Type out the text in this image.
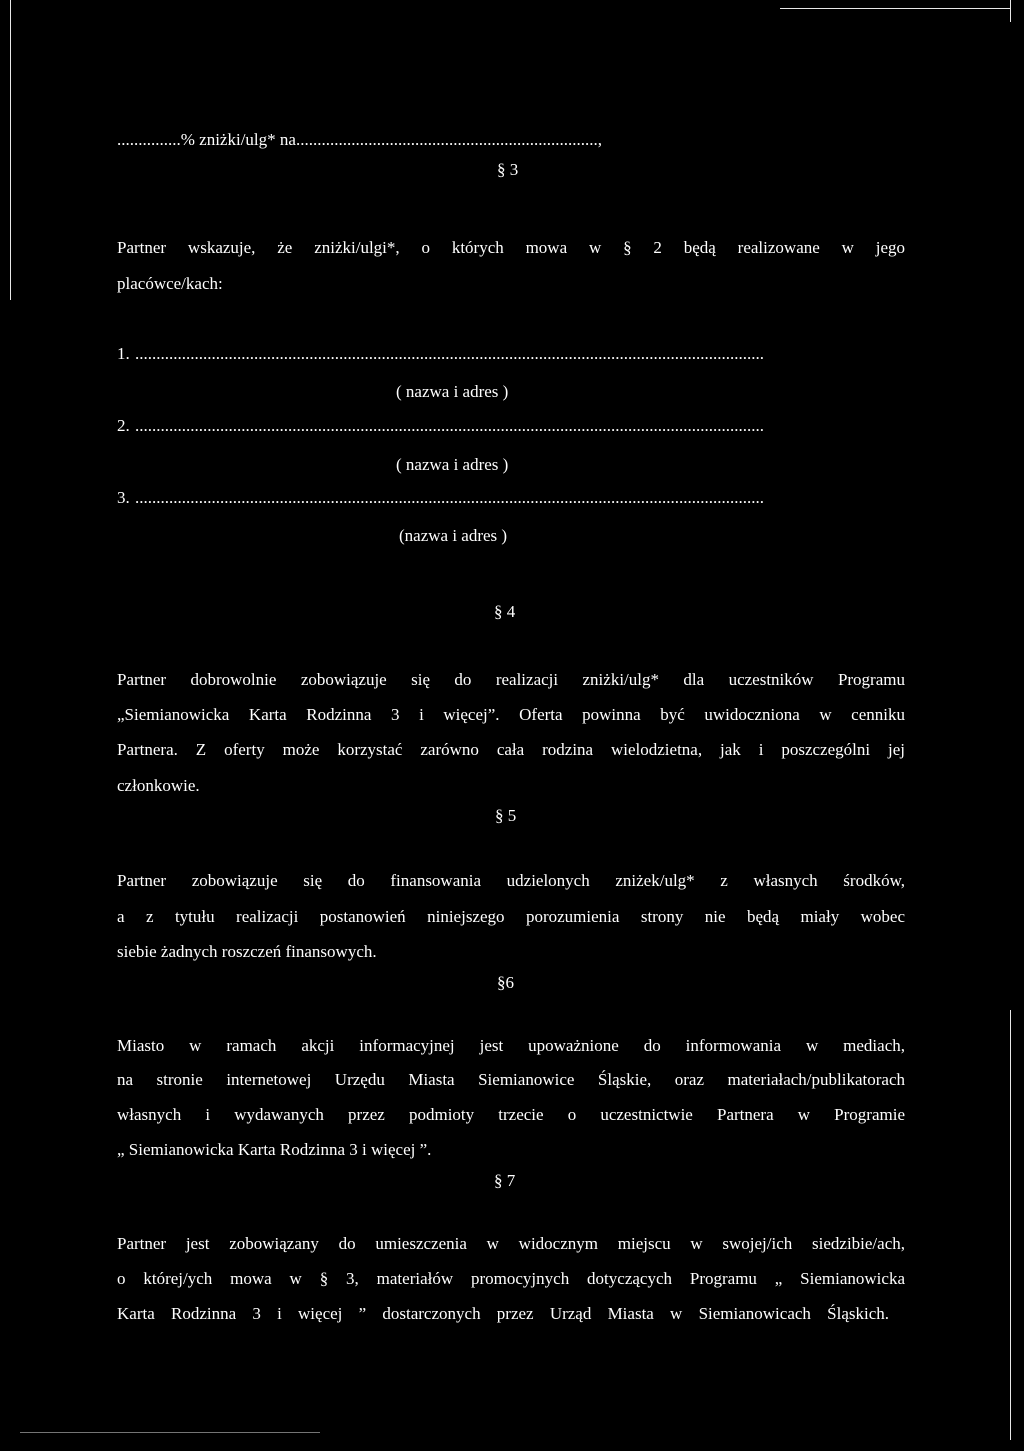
...............% zniżki/ulg* na.......................................................................,
§ 3
Partner wskazuje, że zniżki/ulgi*, o których mowa w § 2 będą realizowane w jego
placówce/kach:
1. ....................................................................................................................................................
( nazwa i adres )
2. ....................................................................................................................................................
( nazwa i adres )
3. ....................................................................................................................................................
(nazwa i adres )
§ 4
Partner dobrowolnie zobowiązuje się do realizacji zniżki/ulg* dla uczestników Programu
„Siemianowicka Karta Rodzinna 3 i więcej”. Oferta powinna być uwidoczniona w cenniku
Partnera. Z oferty może korzystać zarówno cała rodzina wielodzietna, jak i poszczególni jej
członkowie.
§ 5
Partner zobowiązuje się do finansowania udzielonych zniżek/ulg* z własnych środków,
a z tytułu realizacji postanowień niniejszego porozumienia strony nie będą miały wobec
siebie żadnych roszczeń finansowych.
§6
Miasto w ramach akcji informacyjnej jest upoważnione do informowania w mediach,
na stronie internetowej Urzędu Miasta Siemianowice Śląskie, oraz materiałach/publikatorach
własnych i wydawanych przez podmioty trzecie o uczestnictwie Partnera w Programie
„ Siemianowicka Karta Rodzinna 3 i więcej ”.
§ 7
Partner jest zobowiązany do umieszczenia w widocznym miejscu w swojej/ich siedzibie/ach,
o której/ych mowa w § 3, materiałów promocyjnych dotyczących Programu „ Siemianowicka
Karta Rodzinna 3 i więcej ” dostarczonych przez Urząd Miasta w Siemianowicach Śląskich.
